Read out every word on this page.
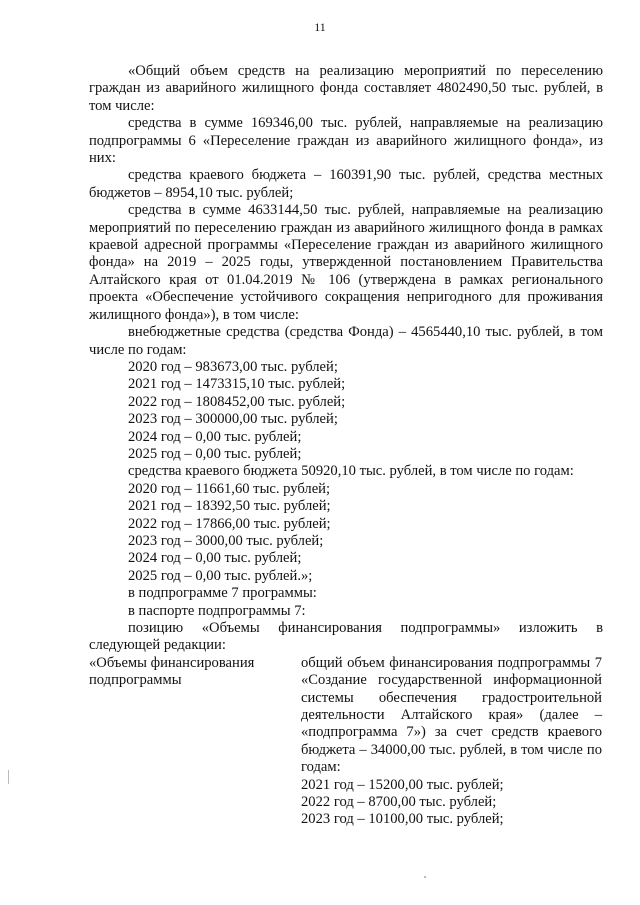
11

«Общий объем средств на реализацию мероприятий по переселению граждан из аварийного жилищного фонда составляет 4802490,50 тыс. рублей, в том числе:

средства в сумме 169346,00 тыс. рублей, направляемые на реализацию подпрограммы 6 «Переселение граждан из аварийного жилищного фонда», из них:

средства краевого бюджета – 160391,90 тыс. рублей, средства местных бюджетов – 8954,10 тыс. рублей;

средства в сумме 4633144,50 тыс. рублей, направляемые на реализацию мероприятий по переселению граждан из аварийного жилищного фонда в рамках краевой адресной программы «Переселение граждан из аварийного жилищного фонда» на 2019 – 2025 годы, утвержденной постановлением Правительства Алтайского края от 01.04.2019 № 106 (утверждена в рамках регионального проекта «Обеспечение устойчивого сокращения непригодного для проживания жилищного фонда»), в том числе:

внебюджетные средства (средства Фонда) – 4565440,10 тыс. рублей, в том числе по годам:

2020 год – 983673,00 тыс. рублей;

2021 год – 1473315,10 тыс. рублей;

2022 год – 1808452,00 тыс. рублей;

2023 год – 300000,00 тыс. рублей;

2024 год – 0,00 тыс. рублей;

2025 год – 0,00 тыс. рублей;

средства краевого бюджета 50920,10 тыс. рублей, в том числе по годам:

2020 год – 11661,60 тыс. рублей;

2021 год – 18392,50 тыс. рублей;

2022 год – 17866,00 тыс. рублей;

2023 год – 3000,00 тыс. рублей;

2024 год – 0,00 тыс. рублей;

2025 год – 0,00 тыс. рублей.»;

в подпрограмме 7 программы:

в паспорте подпрограммы 7:

позицию «Объемы финансирования подпрограммы» изложить в следующей редакции:

«Объемы финансирования подпрограммы

общий объем финансирования подпрограммы 7 «Создание государственной информационной системы обеспечения градостроительной деятельности Алтайского края» (далее – «подпрограмма 7») за счет средств краевого бюджета – 34000,00 тыс. рублей, в том числе по годам:

2021 год – 15200,00 тыс. рублей;

2022 год – 8700,00 тыс. рублей;

2023 год – 10100,00 тыс. рублей;
